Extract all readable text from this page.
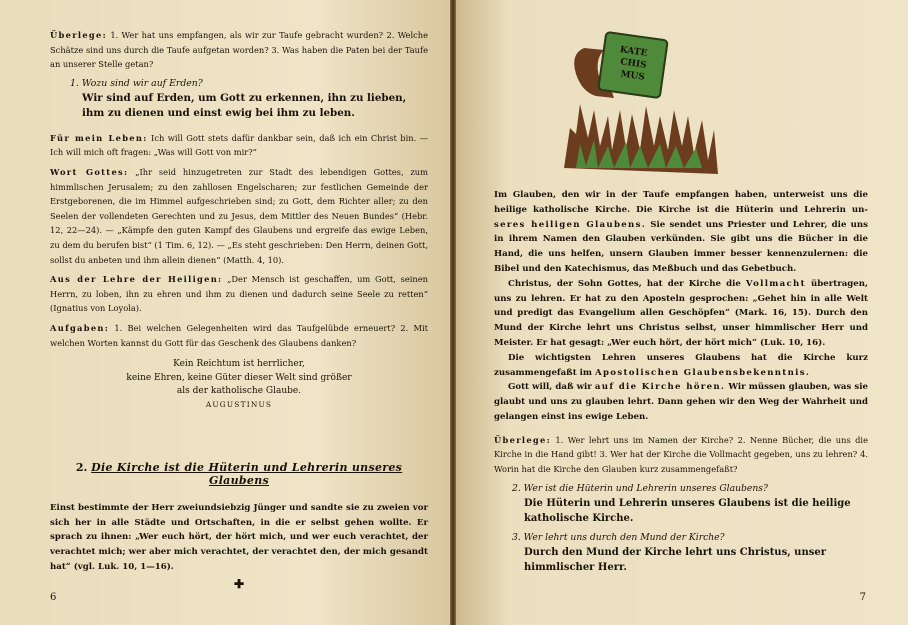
Überlege: 1. Wer hat uns empfangen, als wir zur Taufe gebracht wurden? 2. Welche Schätze sind uns durch die Taufe aufgetan worden? 3. Was haben die Paten bei der Taufe an unserer Stelle getan?

1. Wozu sind wir auf Erden?

Wir sind auf Erden, um Gott zu erkennen, ihn zu lieben, ihm zu dienen und einst ewig bei ihm zu leben.

Für mein Leben: Ich will Gott stets dafür dankbar sein, daß ich ein Christ bin. — Ich will mich oft fragen: „Was will Gott von mir?“

Wort Gottes: „Ihr seid hinzugetreten zur Stadt des lebendigen Gottes, zum himmlischen Jerusalem; zu den zahllosen Engelscharen; zur festlichen Gemeinde der Erstgeborenen, die im Himmel aufgeschrieben sind; zu Gott, dem Richter aller; zu den Seelen der vollendeten Gerechten und zu Jesus, dem Mittler des Neuen Bundes“ (Hebr. 12, 22—24). — „Kämpfe den guten Kampf des Glaubens und ergreife das ewige Leben, zu dem du berufen bist“ (1 Tim. 6, 12). — „Es steht geschrieben: Den Herrn, deinen Gott, sollst du anbeten und ihm allein dienen“ (Matth. 4, 10).

Aus der Lehre der Heiligen: „Der Mensch ist geschaffen, um Gott, seinen Herrn, zu loben, ihn zu ehren und ihm zu dienen und dadurch seine Seele zu retten“ (Ignatius von Loyola).

Aufgaben: 1. Bei welchen Gelegenheiten wird das Taufgelübde erneuert? 2. Mit welchen Worten kannst du Gott für das Geschenk des Glaubens danken?

Kein Reichtum ist herrlicher,
keine Ehren, keine Güter dieser Welt sind größer
als der katholische Glaube.
AUGUSTINUS
2. Die Kirche ist die Hüterin und Lehrerin unseres Glaubens

Einst bestimmte der Herr zweiundsiebzig Jünger und sandte sie zu zweien vor sich her in alle Städte und Ortschaften, in die er selbst gehen wollte. Er sprach zu ihnen: „Wer euch hört, der hört mich, und wer euch verachtet, der verachtet mich; wer aber mich verachtet, der verachtet den, der mich gesandt hat“ (vgl. Luk. 10, 1—16).

✚
6
KATE
CHIS
MUS

Im Glauben, den wir in der Taufe empfangen haben, unterweist uns die heilige katholische Kirche. Die Kirche ist die Hüterin und Lehrerin un- seres heiligen Glaubens. Sie sendet uns Priester und Lehrer, die uns in ihrem Namen den Glauben verkünden. Sie gibt uns die Bücher in die Hand, die uns helfen, unsern Glauben immer besser kennenzulernen: die Bibel und den Katechismus, das Meßbuch und das Gebetbuch.

Christus, der Sohn Gottes, hat der Kirche die Vollmacht übertragen, uns zu lehren. Er hat zu den Aposteln gesprochen: „Gehet hin in alle Welt und predigt das Evangelium allen Geschöpfen“ (Mark. 16, 15). Durch den Mund der Kirche lehrt uns Christus selbst, unser himmlischer Herr und Meister. Er hat gesagt: „Wer euch hört, der hört mich“ (Luk. 10, 16).

Die wichtigsten Lehren unseres Glaubens hat die Kirche kurz zusammengefaßt im Apostolischen Glaubensbekenntnis.

Gott will, daß wir auf die Kirche hören. Wir müssen glauben, was sie glaubt und uns zu glauben lehrt. Dann gehen wir den Weg der Wahrheit und gelangen einst ins ewige Leben.

Überlege: 1. Wer lehrt uns im Namen der Kirche? 2. Nenne Bücher, die uns die Kirche in die Hand gibt! 3. Wer hat der Kirche die Vollmacht gegeben, uns zu lehren? 4. Worin hat die Kirche den Glauben kurz zusammengefaßt?

2. Wer ist die Hüterin und Lehrerin unseres Glaubens?

Die Hüterin und Lehrerin unseres Glaubens ist die heilige katholische Kirche.

3. Wer lehrt uns durch den Mund der Kirche?

Durch den Mund der Kirche lehrt uns Christus, unser himmlischer Herr.

7
